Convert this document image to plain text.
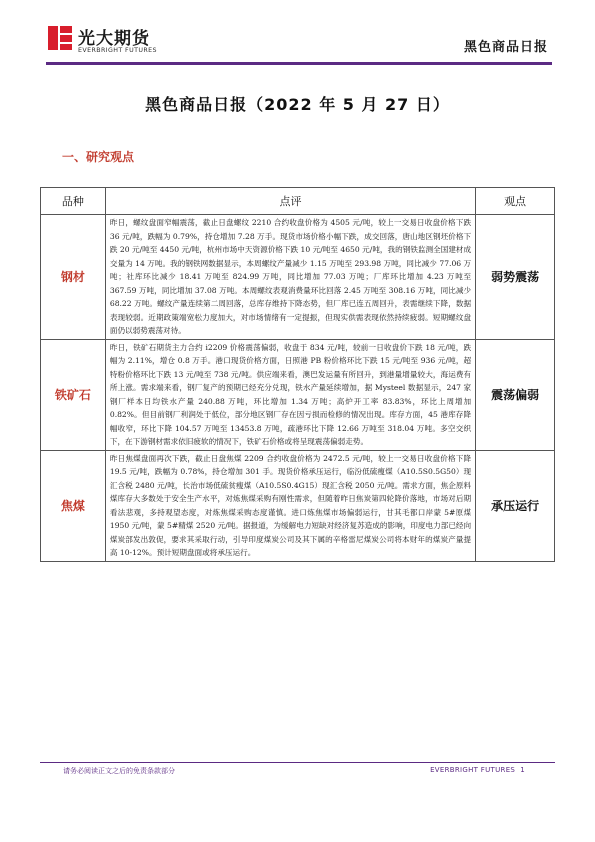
光大期货
EVERBRIGHT FUTURES	黑色商品日报
黑色商品日报（2022 年 5 月 27 日）
一、研究观点
品种	点评	观点
钢材	昨日，螺纹盘面窄幅震荡，截止日盘螺纹 2210 合约收盘价格为 4505 元/吨，较上一交易日收盘价格下跌 36 元/吨，跌幅为 0.79%，持仓增加 7.28 万手。现货市场价格小幅下跌，成交回落，唐山地区钢坯价格下跌 20 元/吨至 4450 元/吨，杭州市场中天资源价格下跌 10 元/吨至 4650 元/吨，我的钢铁监测全国建材成交量为 14 万吨。我的钢铁网数据显示，本周螺纹产量减少 1.15 万吨至 293.98 万吨，同比减少 77.06 万吨；社库环比减少 18.41 万吨至 824.99 万吨，同比增加 77.03 万吨；厂库环比增加 4.23 万吨至 367.59 万吨，同比增加 37.08 万吨。本周螺纹表观消费量环比回落 2.45 万吨至 308.16 万吨，同比减少 68.22 万吨。螺纹产量连续第二周回落，总库存维持下降态势，但厂库已连五周回升，表需继续下降，数据表现较弱。近期政策端宽松力度加大，对市场情绪有一定提振，但现实供需表现依然持续疲弱。短期螺纹盘面仍以弱势震荡对待。	弱势震荡
铁矿石	昨日，铁矿石期货主力合约 i2209 价格震荡偏弱，收盘于 834 元/吨，较前一日收盘价下跌 18 元/吨，跌幅为 2.11%，增仓 0.8 万手。港口现货价格方面，日照港 PB 粉价格环比下跌 15 元/吨至 936 元/吨，超特粉价格环比下跌 13 元/吨至 738 元/吨。供应端来看，澳巴发运量有所回升，到港量增量较大，海运费有所上涨。需求端来看，钢厂复产的预期已经充分兑现，铁水产量延续增加，据 Mysteel 数据显示，247 家钢厂样本日均铁水产量 240.88 万吨，环比增加 1.34 万吨；高炉开工率 83.83%，环比上周增加 0.82%。但目前钢厂利润处于低位，部分地区钢厂存在因亏损而检修的情况出现。库存方面，45 港库存降幅收窄，环比下降 104.57 万吨至 13453.8 万吨，疏港环比下降 12.66 万吨至 318.04 万吨。多空交织下，在下游钢材需求依旧疲软的情况下，铁矿石价格或将呈现震荡偏弱走势。	震荡偏弱
焦煤	昨日焦煤盘面再次下跌，截止日盘焦煤 2209 合约收盘价格为 2472.5 元/吨，较上一交易日收盘价格下降 19.5 元/吨，跌幅为 0.78%，持仓增加 301 手。现货价格承压运行，临汾低硫瘦煤（A10.5S0.5G50）现汇含税 2480 元/吨，长治市场低硫贫瘦煤（A10.5S0.4G15）现汇含税 2050 元/吨。需求方面，焦企原料煤库存大多数处于安全生产水平，对炼焦煤采购有刚性需求，但随着昨日焦炭第四轮降价落地，市场对后期看法悲观，多持观望态度，对炼焦煤采购态度谨慎。进口炼焦煤市场偏弱运行，甘其毛都口岸蒙 5#原煤 1950 元/吨，蒙 5#精煤 2520 元/吨。据报道，为缓解电力短缺对经济复苏造成的影响，印度电力部已经向煤炭部发出敦促，要求其采取行动，引导印度煤炭公司及其下属的辛格雷尼煤炭公司将本财年的煤炭产量提高 10-12%。预计短期盘面或将承压运行。	承压运行
请务必阅读正文之后的免责条款部分	EVERBRIGHT FUTURES 1
